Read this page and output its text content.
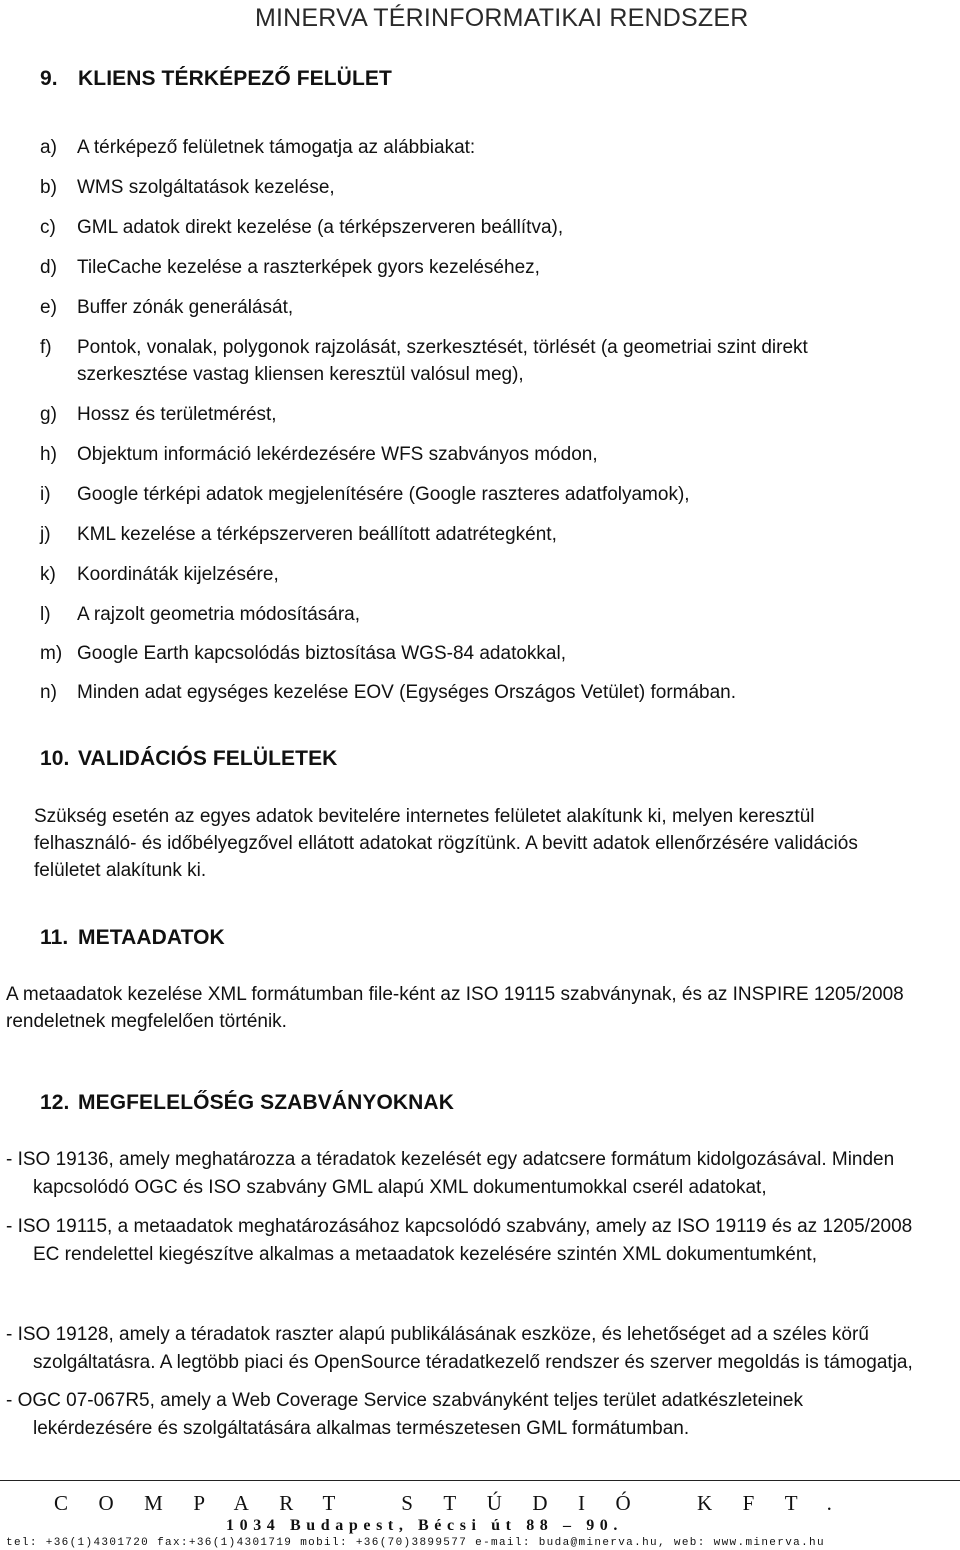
MINERVA TÉRINFORMATIKAI RENDSZER
9. KLIENS TÉRKÉPEZŐ FELÜLET
a)	A térképező felületnek támogatja az alábbiakat:
b)	WMS szolgáltatások kezelése,
c)	GML adatok direkt kezelése (a térképszerveren beállítva),
d)	TileCache kezelése a raszterképek gyors kezeléséhez,
e)	Buffer zónák generálását,
f)	Pontok, vonalak, polygonok rajzolását, szerkesztését, törlését (a geometriai szint direkt
szerkesztése vastag kliensen keresztül valósul meg),
g)	Hossz és területmérést,
h)	Objektum információ lekérdezésére WFS szabványos módon,
i)	Google térképi adatok megjelenítésére (Google raszteres adatfolyamok),
j)	KML kezelése a térképszerveren beállított adatrétegként,
k)	Koordináták kijelzésére,
l)	A rajzolt geometria módosítására,
m) Google Earth kapcsolódás biztosítása WGS-84 adatokkal,
n)	Minden adat egységes kezelése EOV (Egységes Országos Vetület) formában.
10. VALIDÁCIÓS FELÜLETEK
Szükség esetén az egyes adatok bevitelére internetes felületet alakítunk ki, melyen keresztül
felhasználó- és időbélyegzővel ellátott adatokat rögzítünk. A bevitt adatok ellenőrzésére validációs
felületet alakítunk ki.
11. METAADATOK
A metaadatok kezelése XML formátumban file-ként az ISO 19115 szabványnak, és az INSPIRE 1205/2008
rendeletnek megfelelően történik.
12. MEGFELELŐSÉG SZABVÁNYOKNAK
- ISO 19136, amely meghatározza a téradatok kezelését egy adatcsere formátum kidolgozásával. Minden
kapcsolódó OGC és ISO szabvány GML alapú XML dokumentumokkal cserél adatokat,
- ISO 19115, a metaadatok meghatározásához kapcsolódó szabvány, amely az ISO 19119 és az 1205/2008
EC rendelettel kiegészítve alkalmas a metaadatok kezelésére szintén XML dokumentumként,
- ISO 19128, amely a téradatok raszter alapú publikálásának eszköze, és lehetőséget ad a széles körű
szolgáltatásra. A legtöbb piaci és OpenSource téradatkezelő rendszer és szerver megoldás is támogatja,
- OGC 07-067R5, amely a Web Coverage Service szabványként teljes terület adatkészleteinek
lekérdezésére és szolgáltatására alkalmas természetesen GML formátumban.
COMPART STÚDIÓ KFT.
1034 Budapest, Bécsi út 88 – 90.
tel: +36(1)4301720 fax:+36(1)4301719 mobil: +36(70)3899577 e-mail: buda@minerva.hu, web: www.minerva.hu
